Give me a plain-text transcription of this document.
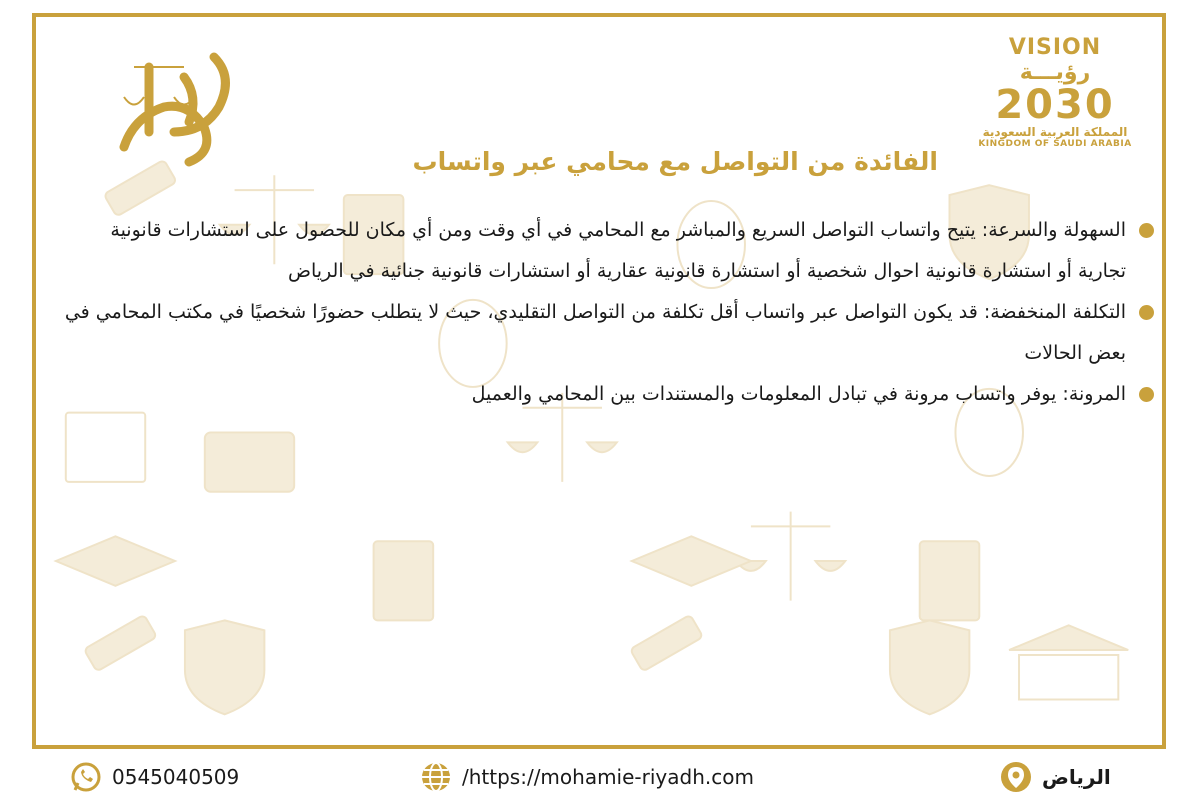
VISION رؤيـــة
2030
المملكة العربية السعودية
KINGDOM OF SAUDI ARABIA
الفائدة من التواصل مع محامي عبر واتساب
السهولة والسرعة: يتيح واتساب التواصل السريع والمباشر مع المحامي في أي وقت ومن أي مكان للحصول على استشارات قانونية تجارية أو استشارة قانونية احوال شخصية أو استشارة قانونية عقارية أو استشارات قانونية جنائية في الرياض
التكلفة المنخفضة: قد يكون التواصل عبر واتساب أقل تكلفة من التواصل التقليدي، حيث لا يتطلب حضورًا شخصيًا في مكتب المحامي في بعض الحالات
المرونة: يوفر واتساب مرونة في تبادل المعلومات والمستندات بين المحامي والعميل
0545040509	/https://mohamie-riyadh.com	الرياض
